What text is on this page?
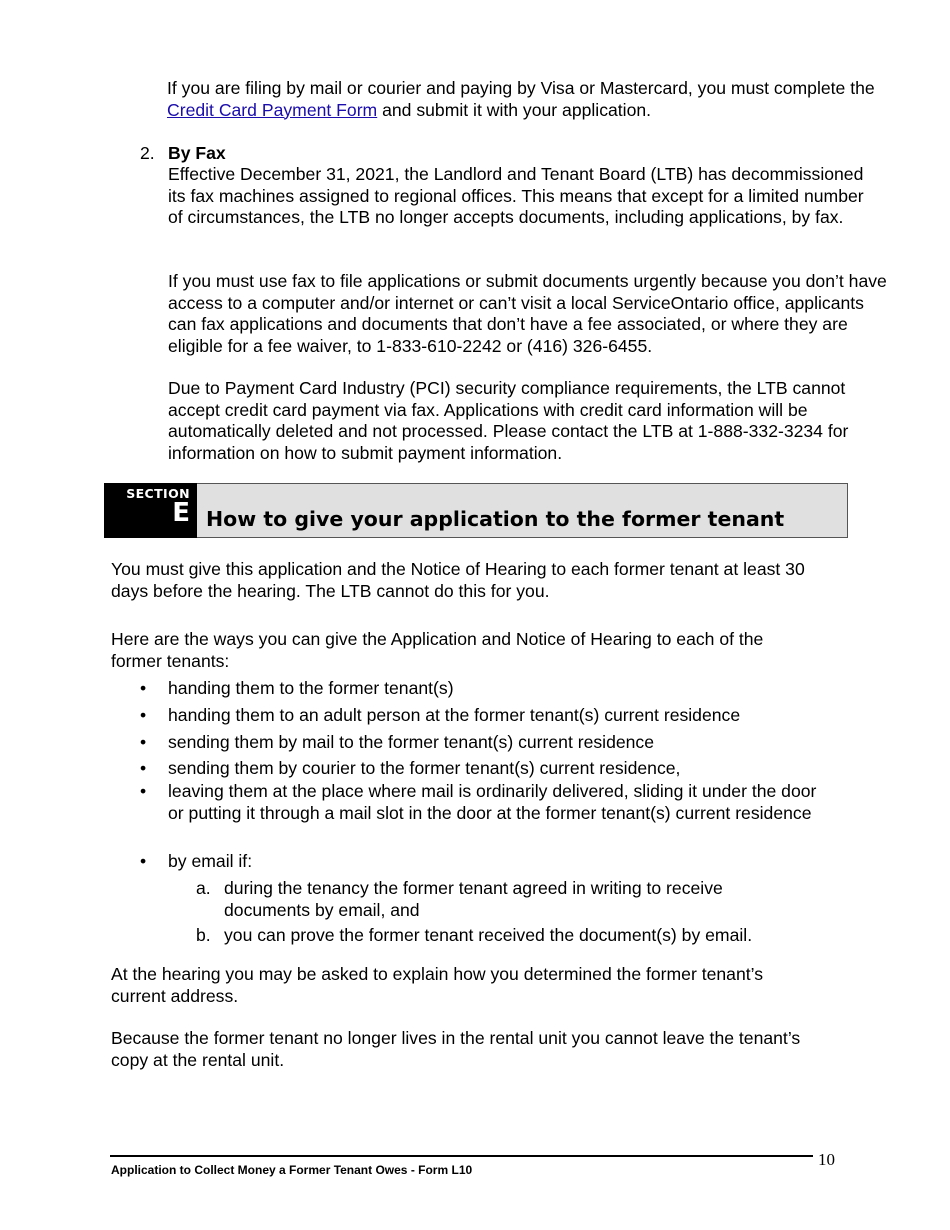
If you are filing by mail or courier and paying by Visa or Mastercard, you must complete the
Credit Card Payment Form and submit it with your application.
2. By Fax

Effective December 31, 2021, the Landlord and Tenant Board (LTB) has decommissioned its fax machines assigned to regional offices. This means that except for a limited number of circumstances, the LTB no longer accepts documents, including applications, by fax.

If you must use fax to file applications or submit documents urgently because you don’t have access to a computer and/or internet or can’t visit a local ServiceOntario office, applicants can fax applications and documents that don’t have a fee associated, or where they are eligible for a fee waiver, to 1-833-610-2242 or (416) 326-6455.

Due to Payment Card Industry (PCI) security compliance requirements, the LTB cannot accept credit card payment via fax. Applications with credit card information will be automatically deleted and not processed. Please contact the LTB at 1-888-332-3234 for information on how to submit payment information.

SECTION
E How to give your application to the former tenant

You must give this application and the Notice of Hearing to each former tenant at least 30 days before the hearing. The LTB cannot do this for you.

Here are the ways you can give the Application and Notice of Hearing to each of the former tenants:

• handing them to the former tenant(s)
• handing them to an adult person at the former tenant(s) current residence
• sending them by mail to the former tenant(s) current residence
• sending them by courier to the former tenant(s) current residence,
• leaving them at the place where mail is ordinarily delivered, sliding it under the door or putting it through a mail slot in the door at the former tenant(s) current residence
• by email if:
a. during the tenancy the former tenant agreed in writing to receive documents by email, and
b. you can prove the former tenant received the document(s) by email.

At the hearing you may be asked to explain how you determined the former tenant’s current address.

Because the former tenant no longer lives in the rental unit you cannot leave the tenant’s copy at the rental unit.

Application to Collect Money a Former Tenant Owes - Form L10
10
